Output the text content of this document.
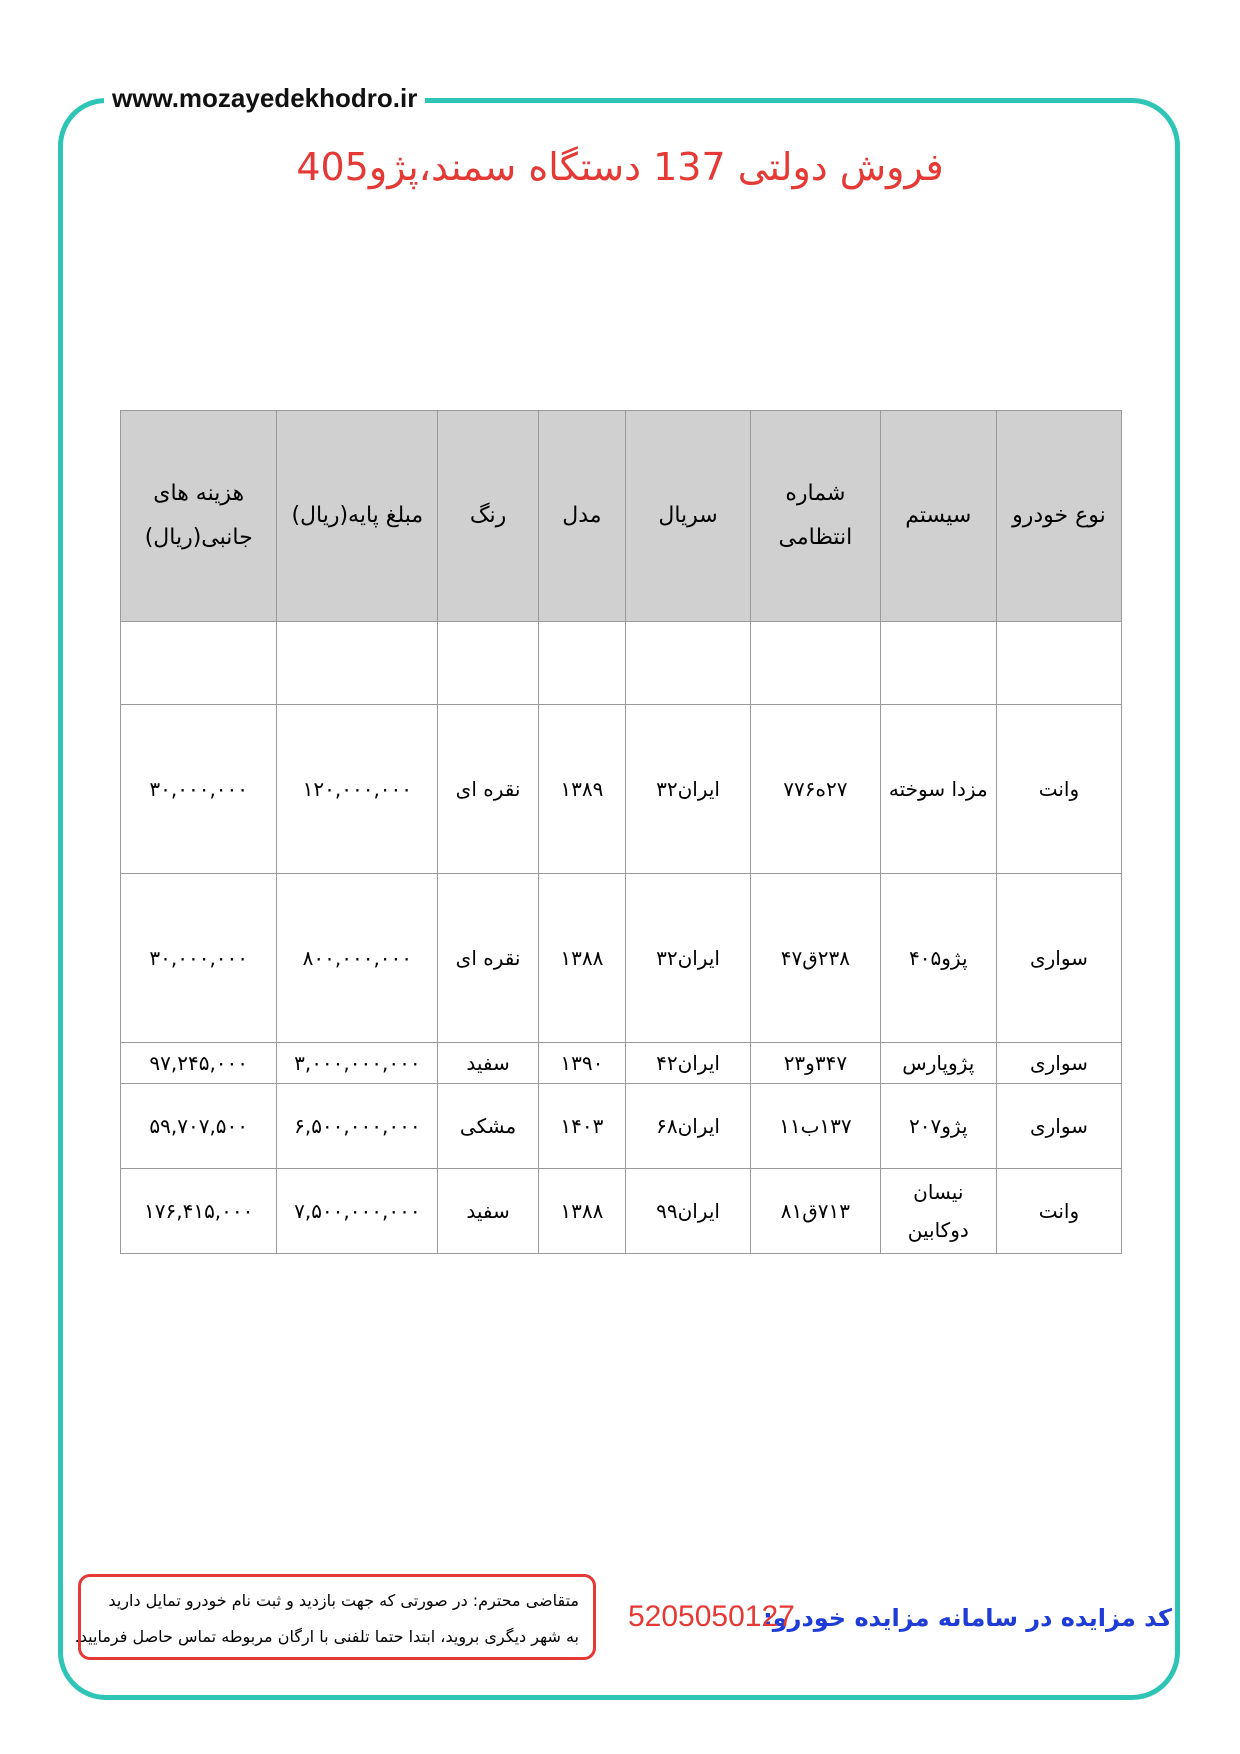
www.mozayedekhodro.ir
فروش دولتی 137 دستگاه سمند،پژو405
نوع خودرو	سیستم	شماره انتظامی	سریال	مدل	رنگ	مبلغ پایه(ریال)	هزینه های جانبی(ریال)

وانت	مزدا سوخته	۲۷ه۷۷۶	ایران۳۲	۱۳۸۹	نقره ای	۱۲۰,۰۰۰,۰۰۰	۳۰,۰۰۰,۰۰۰
سواری	پژو۴۰۵	۲۳۸ق۴۷	ایران۳۲	۱۳۸۸	نقره ای	۸۰۰,۰۰۰,۰۰۰	۳۰,۰۰۰,۰۰۰
سواری	پژوپارس	۳۴۷و۲۳	ایران۴۲	۱۳۹۰	سفید	۳,۰۰۰,۰۰۰,۰۰۰	۹۷,۲۴۵,۰۰۰
سواری	پژو۲۰۷	۱۳۷ب۱۱	ایران۶۸	۱۴۰۳	مشکی	۶,۵۰۰,۰۰۰,۰۰۰	۵۹,۷۰۷,۵۰۰
وانت	نیسان دوکابین	۷۱۳ق۸۱	ایران۹۹	۱۳۸۸	سفید	۷,۵۰۰,۰۰۰,۰۰۰	۱۷۶,۴۱۵,۰۰۰
متقاضی محترم: در صورتی که جهت بازدید و ثبت نام خودرو تمایل دارید
به شهر دیگری بروید، ابتدا حتما تلفنی با ارگان مربوطه تماس حاصل فرمایید.
کد مزایده در سامانه مزایده خودرو:
5205050127
